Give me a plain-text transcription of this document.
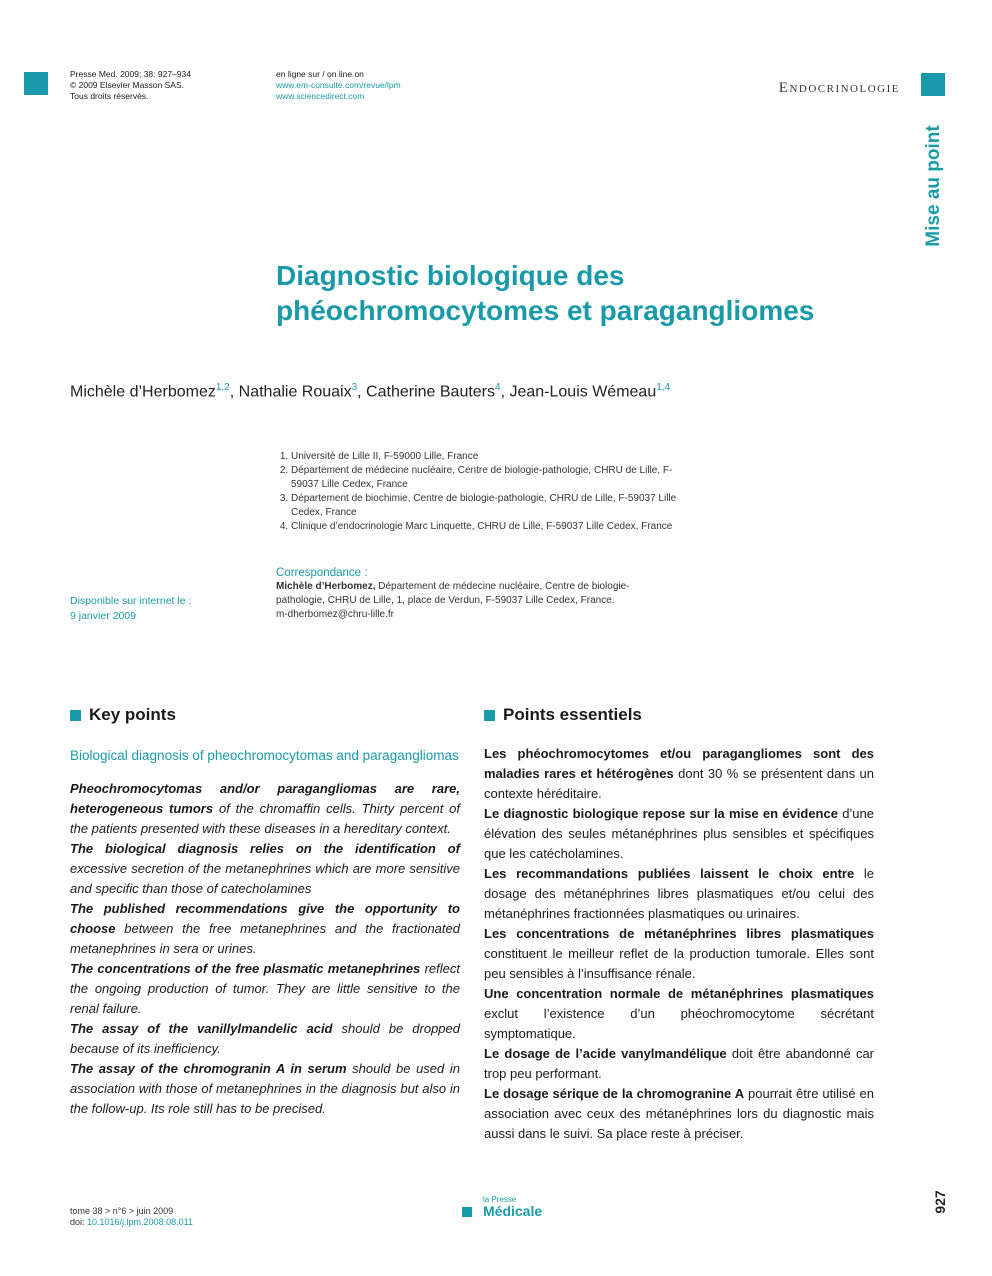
Presse Med. 2009; 38: 927–934
© 2009 Elsevier Masson SAS.
Tous droits réservés.
en ligne sur / on line on
www.em-consulte.com/revue/lpm
www.sciencedirect.com	Endocrinologie
Mise au point
Diagnostic biologique des
phéochromocytomes et paragangliomes
Michèle d’Herbomez$^{1,2}$, Nathalie Rouaix$^3$, Catherine Bauters$^4$, Jean-Louis Wémeau$^{1,4}$
1. Université de Lille II, F-59000 Lille, France
2. Département de médecine nucléaire, Centre de biologie-pathologie, CHRU de Lille, F-59037 Lille Cedex, France
3. Département de biochimie, Centre de biologie-pathologie, CHRU de Lille, F-59037 Lille Cedex, France
4. Clinique d’endocrinologie Marc Linquette, CHRU de Lille, F-59037 Lille Cedex, France
Correspondance :
Michèle d’Herbomez, Département de médecine nucléaire, Centre de biologie-pathologie, CHRU de Lille, 1, place de Verdun, F-59037 Lille Cedex, France.
m-dherbomez@chru-lille.fr
Disponible sur internet le :
9 janvier 2009
Key points
Biological diagnosis of pheochromocytomas and paragangliomas
Pheochromocytomas and/or paragangliomas are rare, heterogeneous tumors of the chromaffin cells. Thirty percent of the patients presented with these diseases in a hereditary context.
The biological diagnosis relies on the identification of excessive secretion of the metanephrines which are more sensitive and specific than those of catecholamines
The published recommendations give the opportunity to choose between the free metanephrines and the fractionated metanephrines in sera or urines.
The concentrations of the free plasmatic metanephrines reflect the ongoing production of tumor. They are little sensitive to the renal failure.
The assay of the vanillylmandelic acid should be dropped because of its inefficiency.
The assay of the chromogranin A in serum should be used in association with those of metanephrines in the diagnosis but also in the follow-up. Its role still has to be precised.
Points essentiels
Les phéochromocytomes et/ou paragangliomes sont des maladies rares et hétérogènes dont 30 % se présentent dans un contexte héréditaire.
Le diagnostic biologique repose sur la mise en évidence d’une élévation des seules métanéphrines plus sensibles et spécifiques que les catécholamines.
Les recommandations publiées laissent le choix entre le dosage des métanéphrines libres plasmatiques et/ou celui des métanéphrines fractionnées plasmatiques ou urinaires.
Les concentrations de métanéphrines libres plasmatiques constituent le meilleur reflet de la production tumorale. Elles sont peu sensibles à l’insuffisance rénale.
Une concentration normale de métanéphrines plasmatiques exclut l’existence d’un phéochromocytome sécrétant symptomatique.
Le dosage de l’acide vanylmandélique doit être abandonné car trop peu performant.
Le dosage sérique de la chromogranine A pourrait être utilisé en association avec ceux des métanéphrines lors du diagnostic mais aussi dans le suivi. Sa place reste à préciser.
tome 38 > n°6 > juin 2009
doi: 10.1016/j.lpm.2008.08.011
la Presse
Médicale	927
